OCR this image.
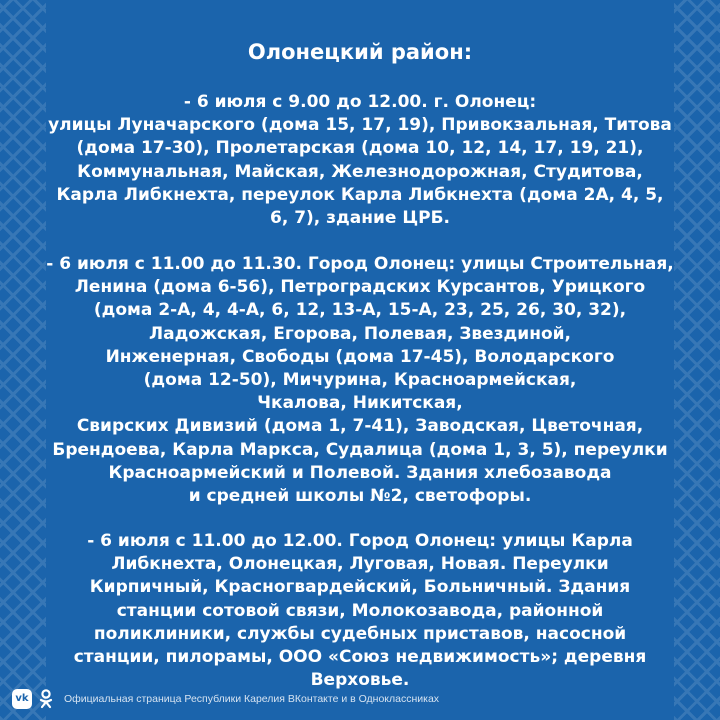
Олонецкий район:
- 6 июля с 9.00 до 12.00. г. Олонец:
улицы Луначарского (дома 15, 17, 19), Привокзальная, Титова
(дома 17-30), Пролетарская (дома 10, 12, 14, 17, 19, 21),
Коммунальная, Майская, Железнодорожная, Студитова,
Карла Либкнехта, переулок Карла Либкнехта (дома 2А, 4, 5,
6, 7), здание ЦРБ.
- 6 июля с 11.00 до 11.30. Город Олонец: улицы Строительная,
Ленина (дома 6-56), Петроградских Курсантов, Урицкого
(дома 2-А, 4, 4-А, 6, 12, 13-А, 15-А, 23, 25, 26, 30, 32),
Ладожская, Егорова, Полевая, Звездиной,
Инженерная, Свободы (дома 17-45), Володарского
(дома 12-50), Мичурина, Красноармейская,
Чкалова, Никитская,
Свирских Дивизий (дома 1, 7-41), Заводская, Цветочная,
Брендоева, Карла Маркса, Судалица (дома 1, 3, 5), переулки
Красноармейский и Полевой. Здания хлебозавода
и средней школы №2, светофоры.
- 6 июля с 11.00 до 12.00. Город Олонец: улицы Карла
Либкнехта, Олонецкая, Луговая, Новая. Переулки
Кирпичный, Красногвардейский, Больничный. Здания
станции сотовой связи, Молокозавода, районной
поликлиники, службы судебных приставов, насосной
станции, пилорамы, ООО «Союз недвижимость»; деревня
Верховье.
vk	Официальная страница Республики Карелия ВКонтакте и в Одноклассниках
